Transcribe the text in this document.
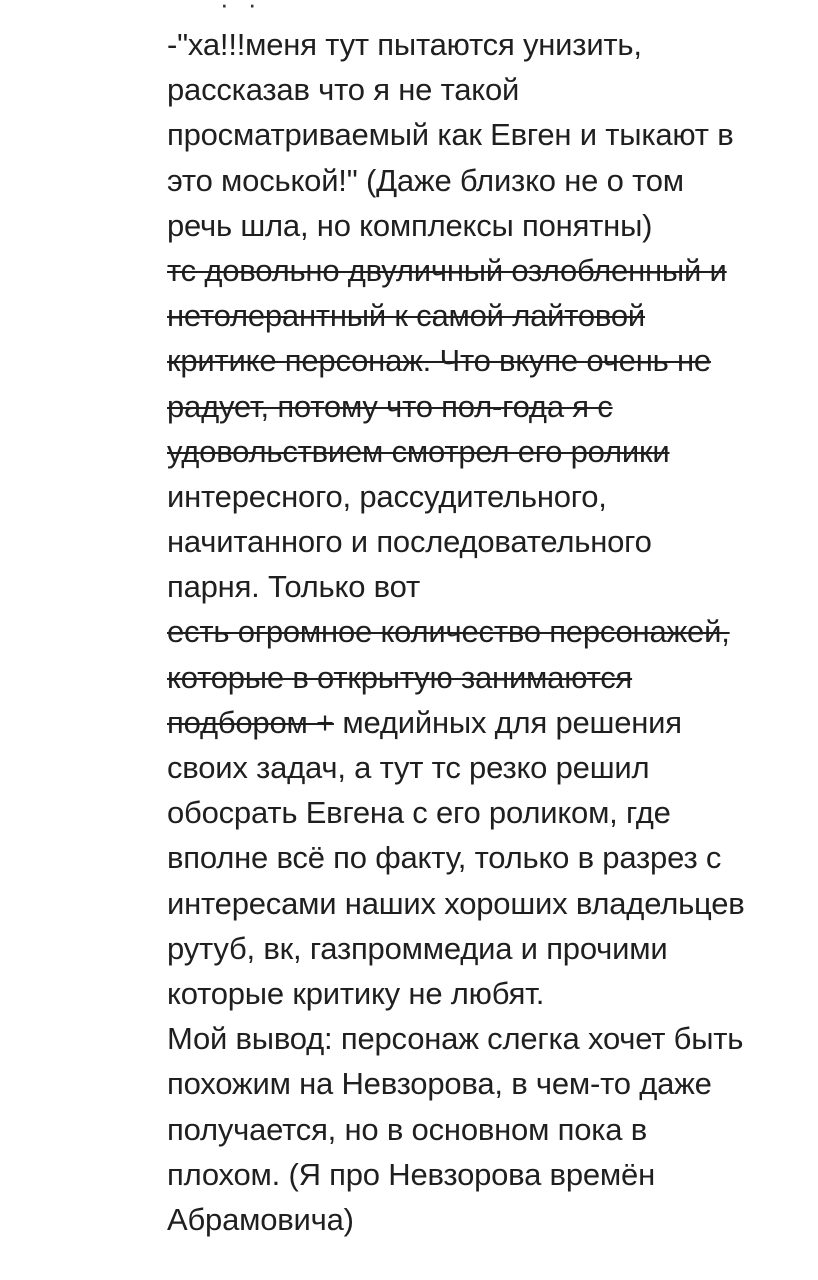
· ·
-"ха!!!меня тут пытаются унизить,
рассказав что я не такой
просматриваемый как Евген и тыкают в
это моськой!" (Даже близко не о том
речь шла, но комплексы понятны)
тс довольно двуличный озлобленный и
нетолерантный к самой лайтовой
критике персонаж. Что вкупе очень не
радует, потому что пол-года я с
удовольствием смотрел его ролики
интересного, рассудительного,
начитанного и последовательного
парня. Только вот
есть огромное количество персонажей,
которые в открытую занимаются
подбором + медийных для решения
своих задач, а тут тс резко решил
обосрать Евгена с его роликом, где
вполне всё по факту, только в разрез с
интересами наших хороших владельцев
рутуб, вк, газпроммедиа и прочими
которые критику не любят.
Мой вывод: персонаж слегка хочет быть
похожим на Невзорова, в чем-то даже
получается, но в основном пока в
плохом. (Я про Невзорова времён
Абрамовича)
